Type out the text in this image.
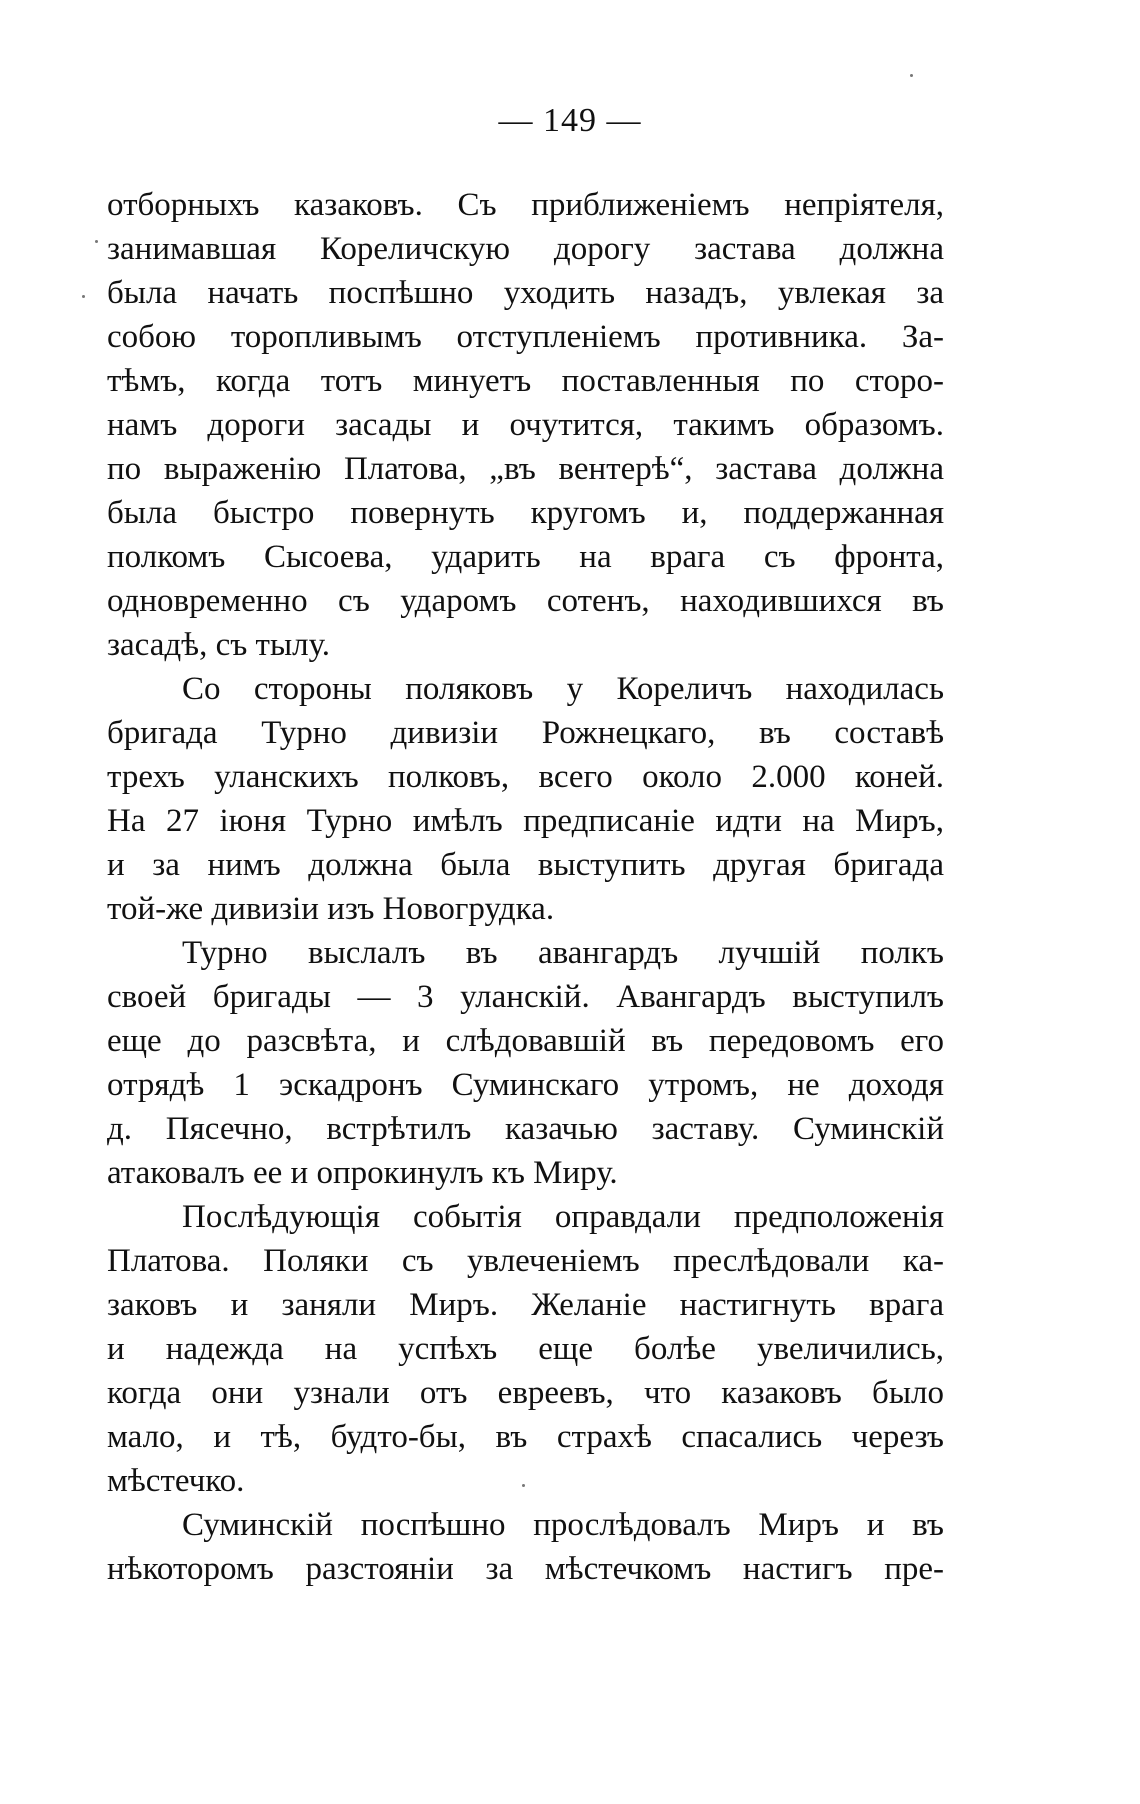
— 149 —
отборныхъ казаковъ. Съ приближеніемъ непріятеля,
занимавшая Кореличскую дорогу застава должна
была начать поспѣшно уходить назадъ, увлекая за
собою торопливымъ отступленіемъ противника. За-
тѣмъ, когда тотъ минуетъ поставленныя по сторо-
намъ дороги засады и очутится, такимъ образомъ.
по выраженію Платова, „въ вентерѣ“, застава должна
была быстро повернуть кругомъ и, поддержанная
полкомъ Сысоева, ударить на врага съ фронта,
одновременно съ ударомъ сотенъ, находившихся въ
засадѣ, съ тылу.
Со стороны поляковъ у Кореличъ находилась
бригада Турно дивизіи Рожнецкаго, въ составѣ
трехъ уланскихъ полковъ, всего около 2.000 коней.
На 27 іюня Турно имѣлъ предписаніе идти на Миръ,
и за нимъ должна была выступить другая бригада
той-же дивизіи изъ Новогрудка.
Турно выслалъ въ авангардъ лучшій полкъ
своей бригады — 3 уланскій. Авангардъ выступилъ
еще до разсвѣта, и слѣдовавшій въ передовомъ его
отрядѣ 1 эскадронъ Суминскаго утромъ, не доходя
д. Пясечно, встрѣтилъ казачью заставу. Суминскій
атаковалъ ее и опрокинулъ къ Миру.
Послѣдующія событія оправдали предположенія
Платова. Поляки съ увлеченіемъ преслѣдовали ка-
заковъ и заняли Миръ. Желаніе настигнуть врага
и надежда на успѣхъ еще болѣе увеличились,
когда они узнали отъ евреевъ, что казаковъ было
мало, и тѣ, будто-бы, въ страхѣ спасались черезъ
мѣстечко.
Суминскій поспѣшно прослѣдовалъ Миръ и въ
нѣкоторомъ разстояніи за мѣстечкомъ настигъ пре-
